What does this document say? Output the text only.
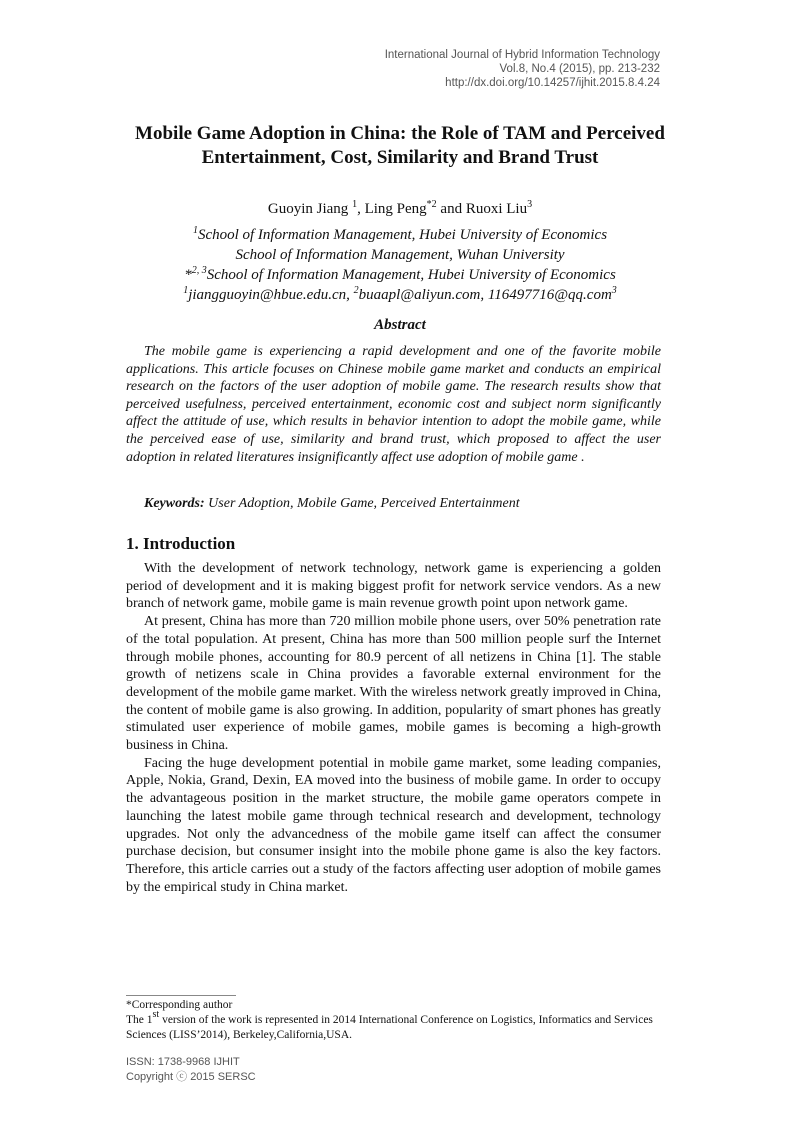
International Journal of Hybrid Information Technology
Vol.8, No.4 (2015), pp. 213-232
http://dx.doi.org/10.14257/ijhit.2015.8.4.24
Mobile Game Adoption in China: the Role of TAM and Perceived
Entertainment, Cost, Similarity and Brand Trust
Guoyin Jiang $^1$, Ling Peng$^{*2}$ and Ruoxi Liu$^3$
$^1$School of Information Management, Hubei University of Economics
School of Information Management, Wuhan University
*$^{2, 3}$School of Information Management, Hubei University of Economics
$^1$jiangguoyin@hbue.edu.cn, $^2$buaapl@aliyun.com, 116497716@qq.com$^3$
Abstract

The mobile game is experiencing a rapid development and one of the favorite mobile applications. This article focuses on Chinese mobile game market and conducts an empirical research on the factors of the user adoption of mobile game. The research results show that perceived usefulness, perceived entertainment, economic cost and subject norm significantly affect the attitude of use, which results in behavior intention to adopt the mobile game, while the perceived ease of use, similarity and brand trust, which proposed to affect the user adoption in related literatures insignificantly affect use adoption of mobile game .

Keywords: User Adoption, Mobile Game, Perceived Entertainment
1. Introduction

With the development of network technology, network game is experiencing a golden period of development and it is making biggest profit for network service vendors. As a new branch of network game, mobile game is main revenue growth point upon network game.

At present, China has more than 720 million mobile phone users, over 50% penetration rate of the total population. At present, China has more than 500 million people surf the Internet through mobile phones, accounting for 80.9 percent of all netizens in China [1]. The stable growth of netizens scale in China provides a favorable external environment for the development of the mobile game market. With the wireless network greatly improved in China, the content of mobile game is also growing. In addition, popularity of smart phones has greatly stimulated user experience of mobile games, mobile games is becoming a high-growth business in China.

Facing the huge development potential in mobile game market, some leading companies, Apple, Nokia, Grand, Dexin, EA moved into the business of mobile game. In order to occupy the advantageous position in the market structure, the mobile game operators compete in launching the latest mobile game through technical research and development, technology upgrades. Not only the advancedness of the mobile game itself can affect the consumer purchase decision, but consumer insight into the mobile phone game is also the key factors. Therefore, this article carries out a study of the factors affecting user adoption of mobile games by the empirical study in China market.

*Corresponding author
The 1st version of the work is represented in 2014 International Conference on Logistics, Informatics and Services Sciences (LISS’2014), Berkeley,California,USA.
ISSN: 1738-9968 IJHIT
Copyright ⓒ 2015 SERSC
